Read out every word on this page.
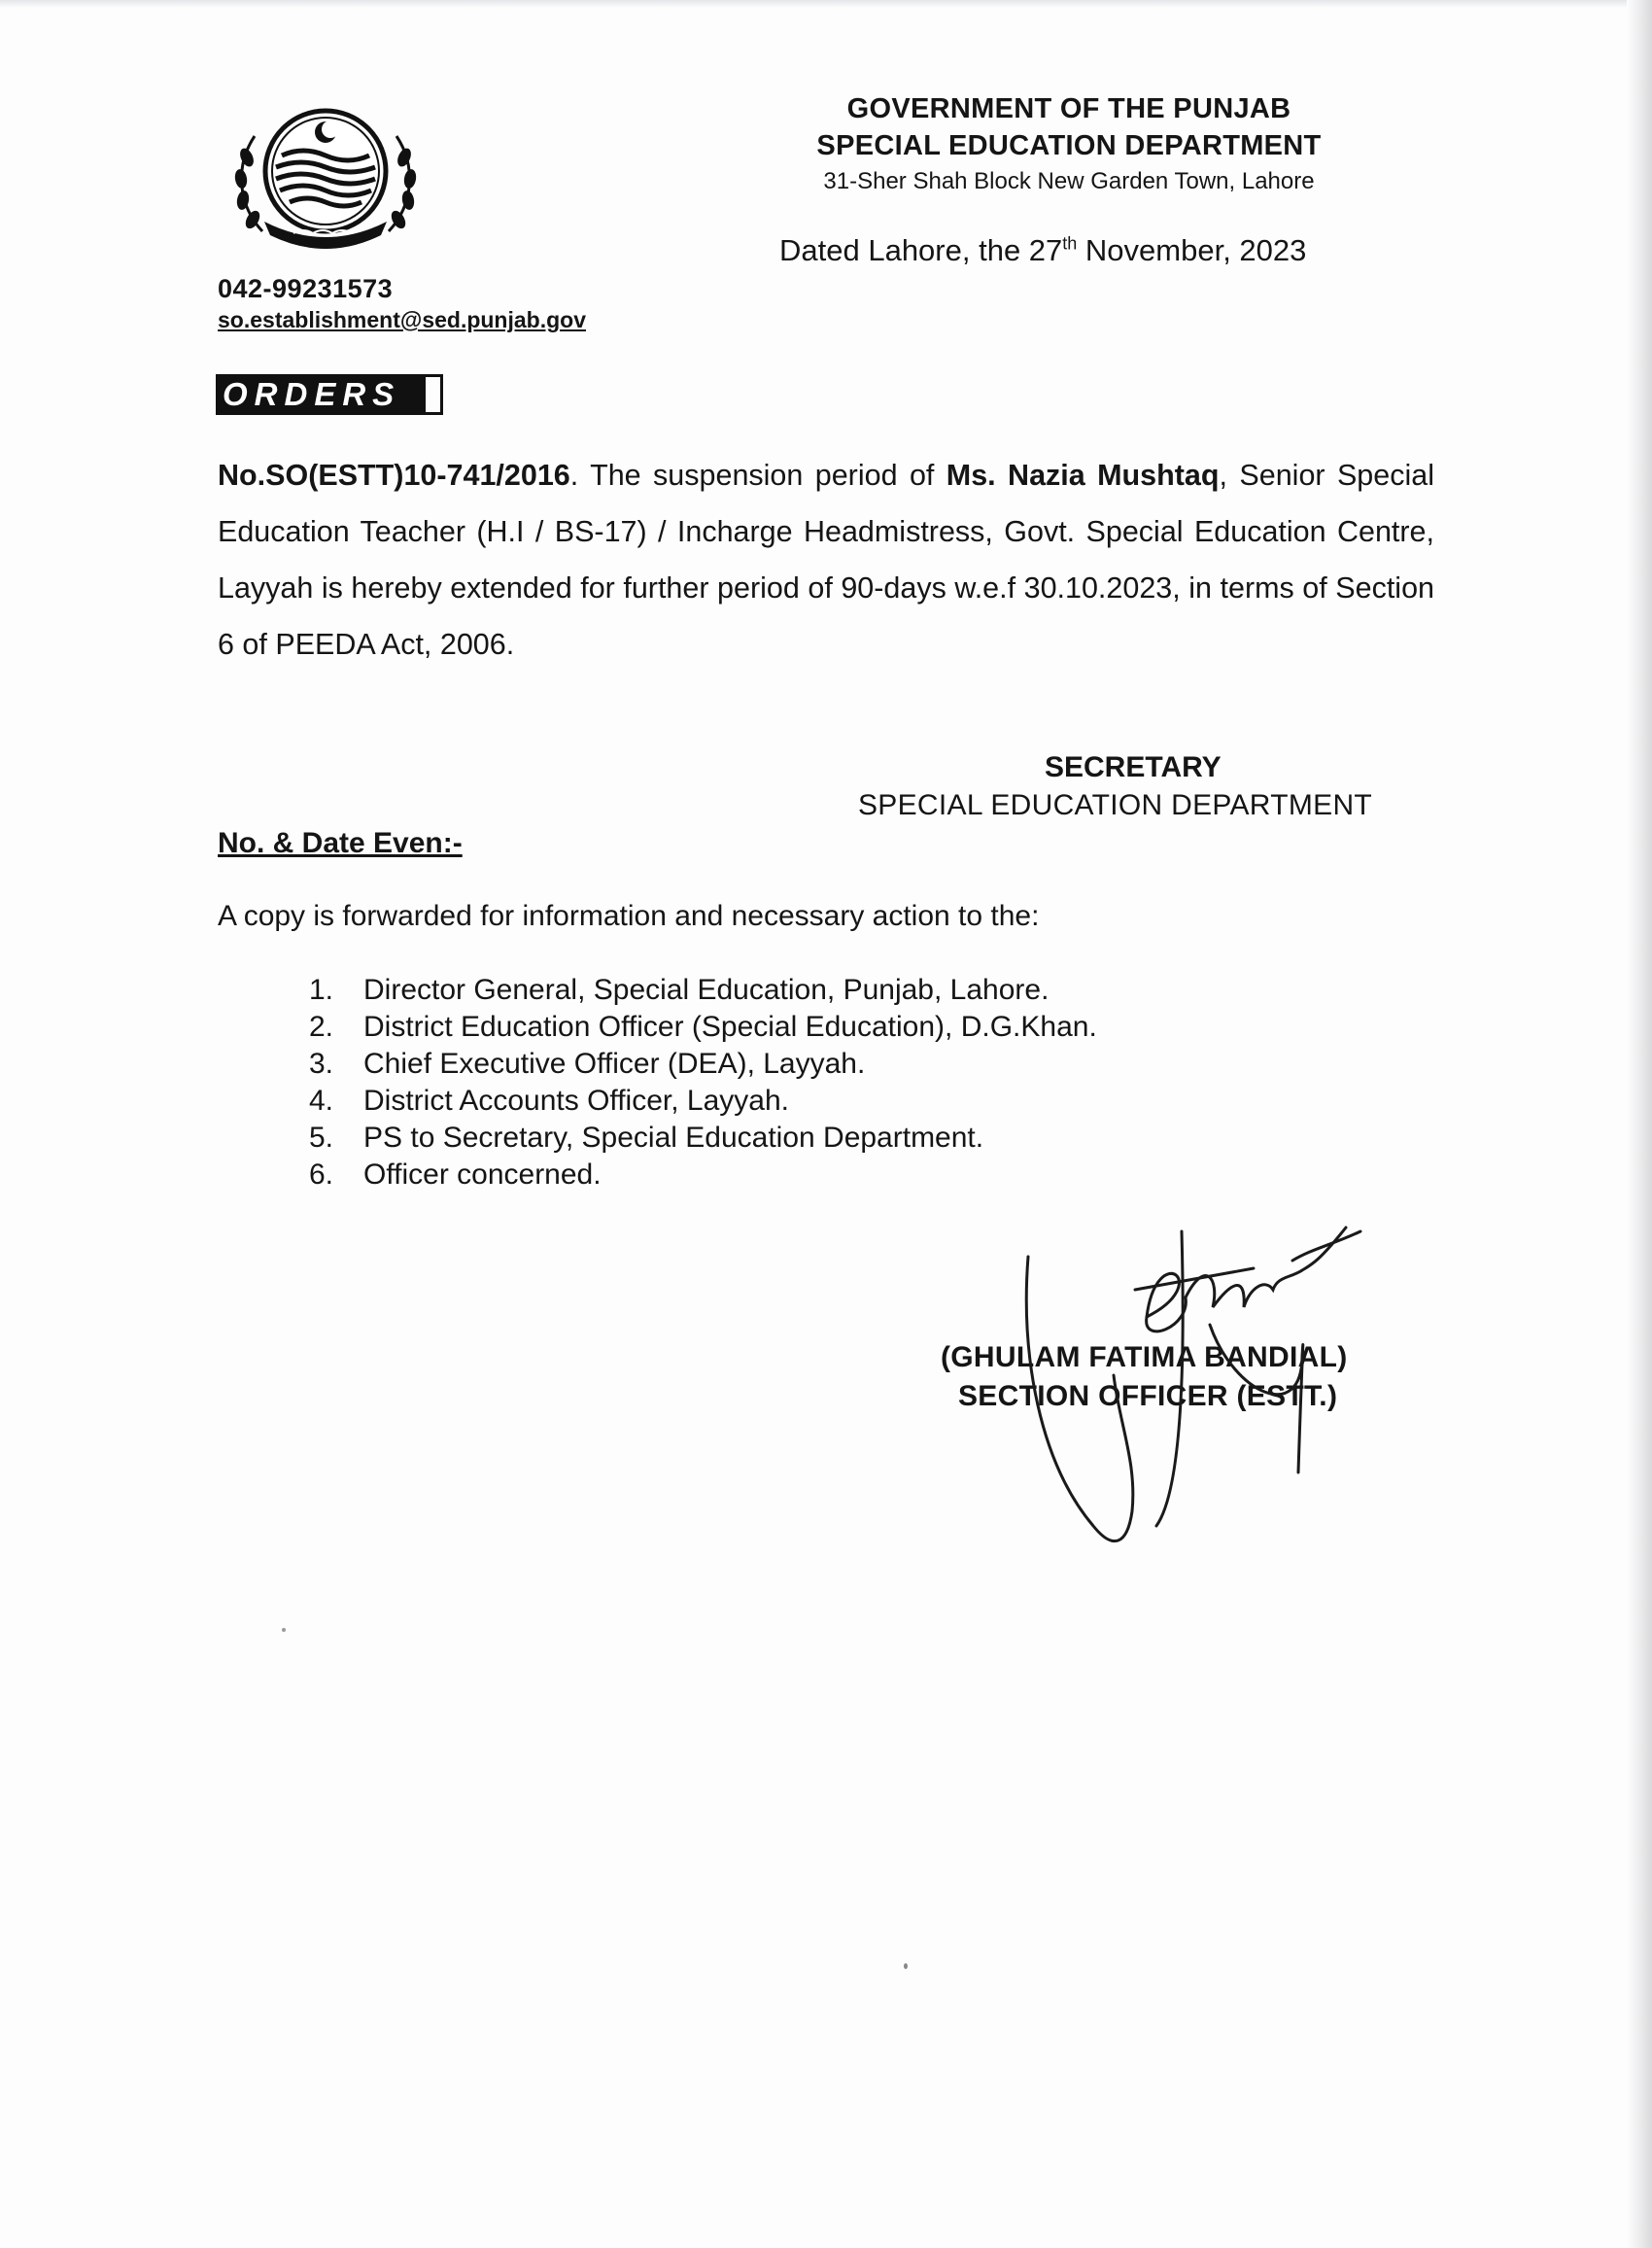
GOVERNMENT OF THE PUNJAB
SPECIAL EDUCATION DEPARTMENT
31-Sher Shah Block New Garden Town, Lahore
Dated Lahore, the 27th November, 2023
042-99231573
so.establishment@sed.punjab.gov
ORDERS
No.SO(ESTT)10-741/2016. The suspension period of Ms. Nazia Mushtaq, Senior Special Education Teacher (H.I / BS-17) / Incharge Headmistress, Govt. Special Education Centre, Layyah is hereby extended for further period of 90-days w.e.f 30.10.2023, in terms of Section 6 of PEEDA Act, 2006.
SECRETARY
SPECIAL EDUCATION DEPARTMENT
No. & Date Even:-
A copy is forwarded for information and necessary action to the:
1.	Director General, Special Education, Punjab, Lahore.
2.	District Education Officer (Special Education), D.G.Khan.
3.	Chief Executive Officer (DEA), Layyah.
4.	District Accounts Officer, Layyah.
5.	PS to Secretary, Special Education Department.
6.	Officer concerned.
(GHULAM FATIMA BANDIAL)
SECTION OFFICER (ESTT.)
